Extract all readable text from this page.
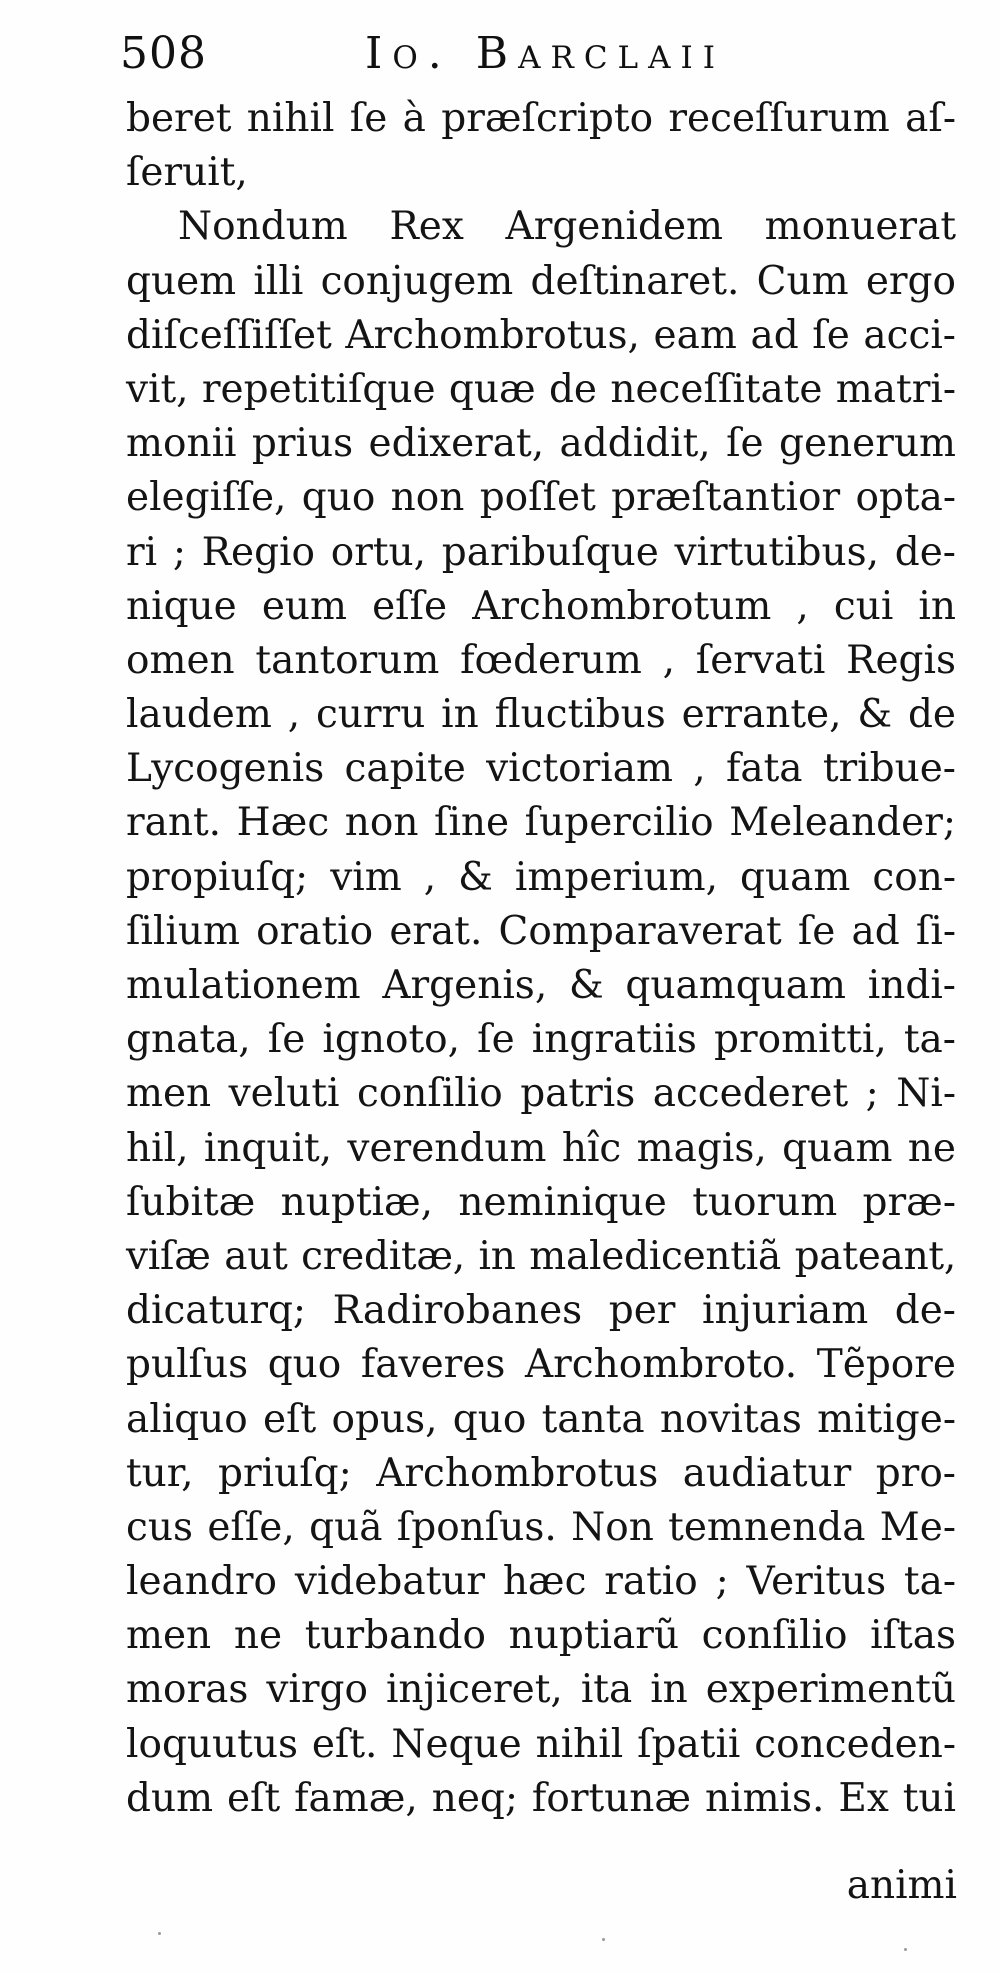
508	Io. Barclaii
beret nihil ſe à præſcripto receſſurum aſ-
ſeruit,
Nondum Rex Argenidem monuerat
quem illi conjugem deſtinaret. Cum ergo
diſceſſiſſet Archombrotus, eam ad ſe acci-
vit, repetitiſque quæ de neceſſitate matri-
monii prius edixerat, addidit, ſe generum
elegiſſe, quo non poſſet præſtantior opta-
ri ; Regio ortu, paribuſque virtutibus, de-
nique eum eſſe Archombrotum , cui in
omen tantorum fœderum , ſervati Regis
laudem , curru in fluctibus errante, & de
Lycogenis capite victoriam , fata tribue-
rant. Hæc non ſine ſupercilio Meleander;
propiuſq; vim , & imperium, quam con-
ſilium oratio erat. Comparaverat ſe ad ſi-
mulationem Argenis, & quamquam indi-
gnata, ſe ignoto, ſe ingratiis promitti, ta-
men veluti conſilio patris accederet ; Ni-
hil, inquit, verendum hîc magis, quam ne
ſubitæ nuptiæ, neminique tuorum præ-
viſæ aut creditæ, in maledicentiã pateant,
dicaturq; Radirobanes per injuriam de-
pulſus quo faveres Archombroto. Tẽpore
aliquo eſt opus, quo tanta novitas mitige-
tur, priuſq; Archombrotus audiatur pro-
cus eſſe, quã ſponſus. Non temnenda Me-
leandro videbatur hæc ratio ; Veritus ta-
men ne turbando nuptiarũ conſilio iſtas
moras virgo injiceret, ita in experimentũ
loquutus eſt. Neque nihil ſpatii conceden-
dum eſt famæ, neq; fortunæ nimis. Ex tui
animi
